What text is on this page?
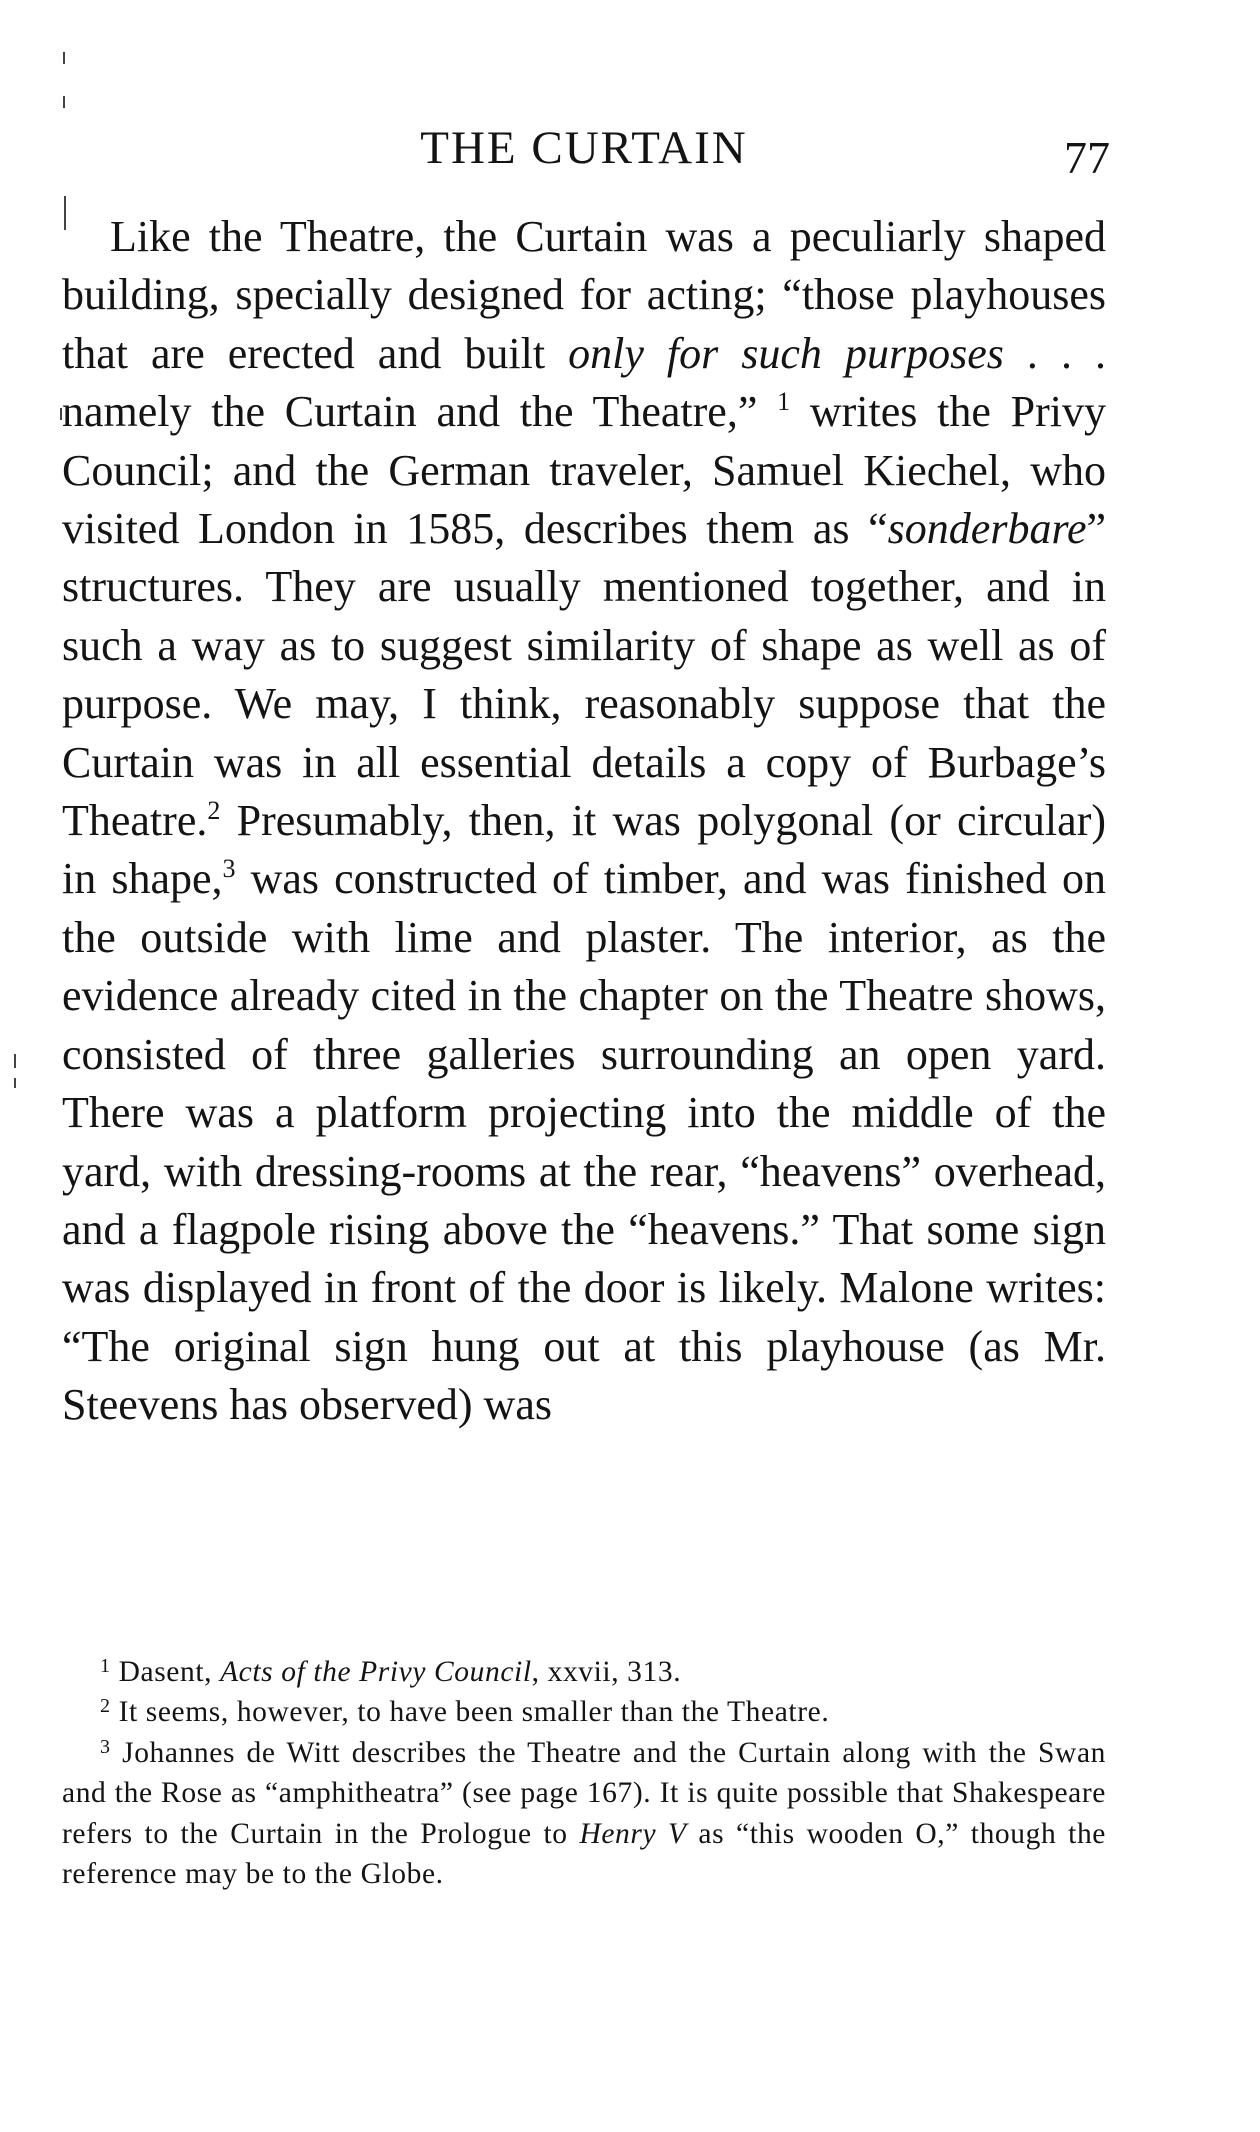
THE CURTAIN	77

Like the Theatre, the Curtain was a peculiarly shaped building, specially designed for acting; “those playhouses that are erected and built only for such purposes . . . namely the Curtain and the Theatre,” $^1$ writes the Privy Council; and the German traveler, Samuel Kiechel, who visited London in 1585, describes them as “sonderbare” structures. They are usually mentioned together, and in such a way as to suggest similarity of shape as well as of purpose. We may, I think, reasonably suppose that the Curtain was in all essential details a copy of Burbage’s Theatre.$^2$ Presumably, then, it was polygonal (or circular) in shape,$^3$ was constructed of timber, and was finished on the outside with lime and plaster. The interior, as the evidence already cited in the chapter on the Theatre shows, consisted of three galleries surrounding an open yard. There was a platform projecting into the middle of the yard, with dressing-rooms at the rear, “heavens” overhead, and a flagpole rising above the “heavens.” That some sign was displayed in front of the door is likely. Malone writes: “The original sign hung out at this playhouse (as Mr. Steevens has observed) was

$^1$ Dasent, Acts of the Privy Council, xxvii, 313.

$^2$ It seems, however, to have been smaller than the Theatre.

$^3$ Johannes de Witt describes the Theatre and the Curtain along with the Swan and the Rose as “amphitheatra” (see page 167). It is quite possible that Shakespeare refers to the Curtain in the Prologue to Henry V as “this wooden O,” though the reference may be to the Globe.
